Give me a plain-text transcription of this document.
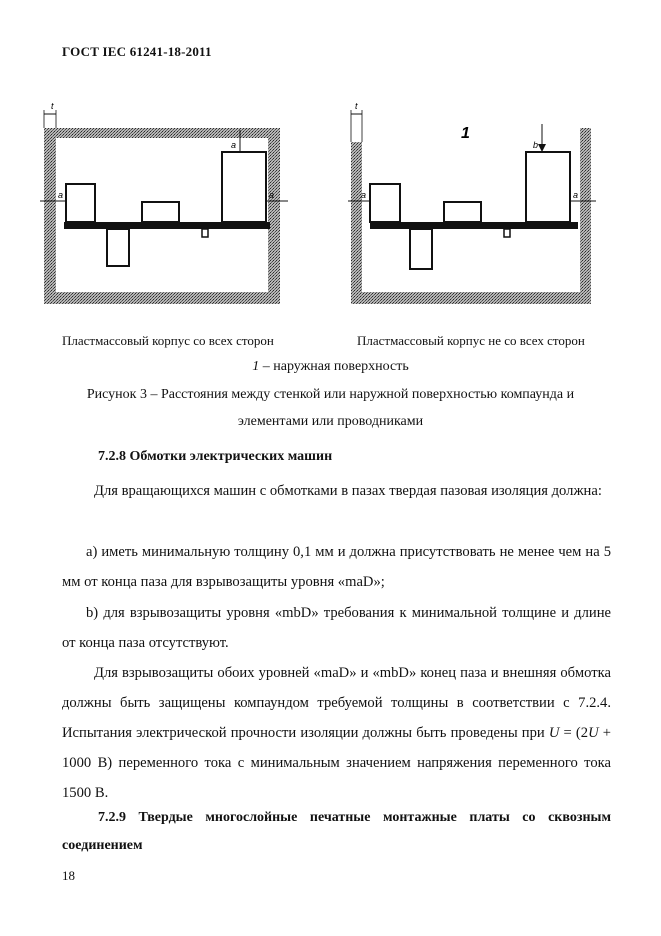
ГОСТ IEC 61241-18-2011
t
a	a
a
t
1
a	a
b
Пластмассовый корпус со всех сторон	Пластмассовый корпус не со всех сторон
1 – наружная поверхность
Рисунок 3 – Расстояния между стенкой или наружной поверхностью компаунда и
элементами или проводниками
7.2.8 Обмотки электрических машин
Для вращающихся машин с обмотками в пазах твердая пазовая изоляция должна:
а) иметь минимальную толщину 0,1 мм и должна присутствовать не менее чем на 5 мм от конца паза для взрывозащиты уровня «maD»;
b) для взрывозащиты уровня «mbD» требования к минимальной толщине и длине от конца паза отсутствуют.
Для взрывозащиты обоих уровней «maD» и «mbD» конец паза и внешняя обмотка должны быть защищены компаундом требуемой толщины в соответствии с 7.2.4. Испытания электрической прочности изоляции должны быть проведены при U = (2U + 1000 В) переменного тока с минимальным значением напряжения переменного тока 1500 В.
7.2.9 Твердые многослойные печатные монтажные платы со сквозным соединением
18
